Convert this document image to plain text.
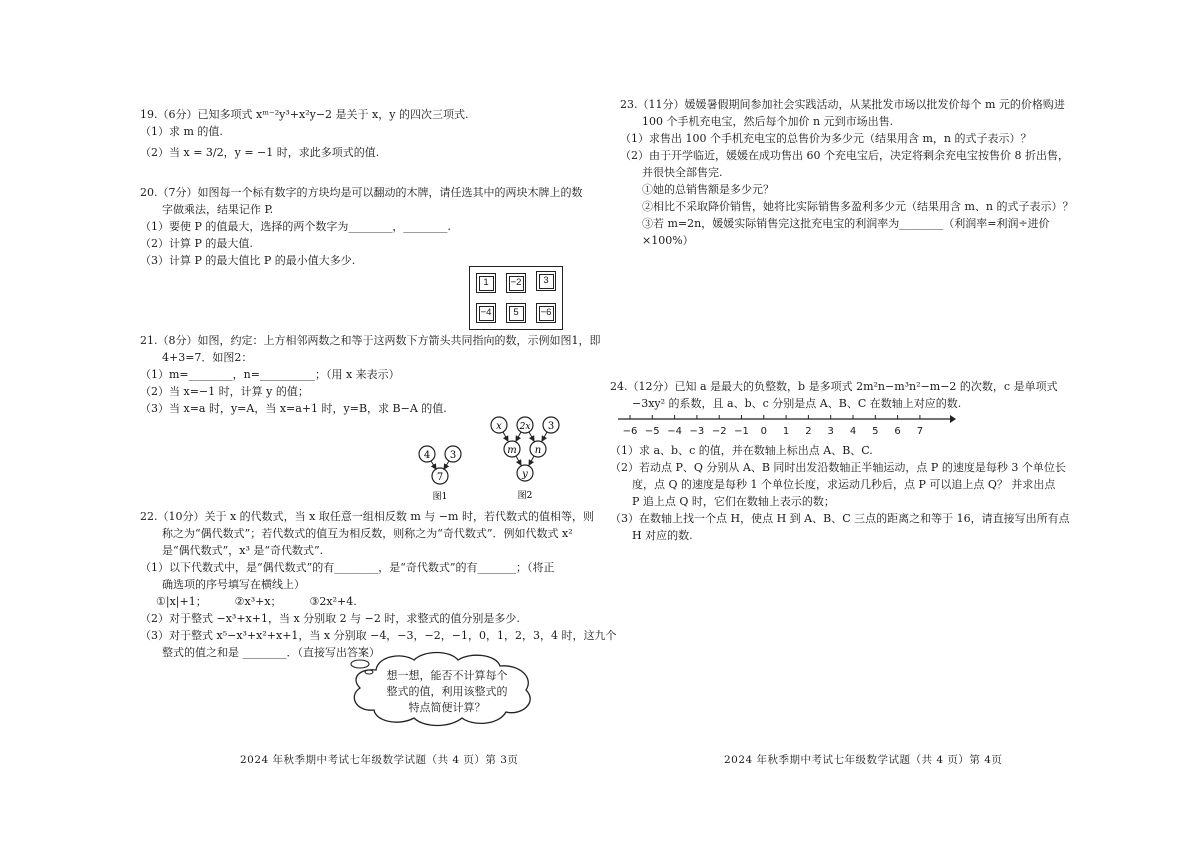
19.（6分）已知多项式 xᵐ⁻²y³+x²y−2 是关于 x，y 的四次三项式.

（1）求 m 的值.

（2）当 x = 3/2，y = −1 时，求此多项式的值.

20.（7分）如图每一个标有数字的方块均是可以翻动的木牌，请任选其中的两块木牌上的数

字做乘法，结果记作 P.

（1）要使 P 的值最大，选择的两个数字为________，________.

（2）计算 P 的最大值.

（3）计算 P 的最大值比 P 的最小值大多少.

1	−2	3
−4	5	−6

21.（8分）如图，约定：上方相邻两数之和等于这两数下方箭头共同指向的数，示例如图1，即

4+3=7．如图2：

（1）m=________，n=__________；（用 x 来表示）

（2）当 x=−1 时，计算 y 的值；

（3）当 x=a 时，y=A，当 x=a+1 时，y=B，求 B−A 的值.

4 3
7
图1
x 2x 3
m n
y
图2

22.（10分）关于 x 的代数式，当 x 取任意一组相反数 m 与 −m 时，若代数式的值相等，则

称之为“偶代数式”；若代数式的值互为相反数，则称之为“奇代数式”．例如代数式 x²

是“偶代数式”，x³ 是“奇代数式”.

（1）以下代数式中，是“偶代数式”的有________，是“奇代数式”的有_______；（将正

确选项的序号填写在横线上）

①|x|+1；        ②x³+x；        ③2x²+4.

（2）对于整式 −x³+x+1，当 x 分别取 2 与 −2 时，求整式的值分别是多少.

（3）对于整式 x⁵−x³+x²+x+1，当 x 分别取 −4，−3，−2，−1，0，1，2，3，4 时，这九个

整式的值之和是 ________．（直接写出答案）

想一想，能否不计算每个
整式的值，利用该整式的
特点简便计算？
2024 年秋季期中考试七年级数学试题（共 4 页）第 3页

23.（11分）媛媛暑假期间参加社会实践活动，从某批发市场以批发价每个 m 元的价格购进

100 个手机充电宝，然后每个加价 n 元到市场出售.

（1）求售出 100 个手机充电宝的总售价为多少元（结果用含 m，n 的式子表示）？

（2）由于开学临近，媛媛在成功售出 60 个充电宝后，决定将剩余充电宝按售价 8 折出售，

并很快全部售完.

①她的总销售额是多少元？

②相比不采取降价销售，她将比实际销售多盈利多少元（结果用含 m、n 的式子表示）？

③若 m=2n，媛媛实际销售完这批充电宝的利润率为________（利润率=利润÷进价

×100%）

24.（12分）已知 a 是最大的负整数，b 是多项式 2m²n−m³n²−m−2 的次数，c 是单项式

−3xy² 的系数，且 a、b、c 分别是点 A、B、C 在数轴上对应的数.

−6 −5 −4 −3 −2 −1 0 1 2 3 4 5 6 7

（1）求 a、b、c 的值，并在数轴上标出点 A、B、C.

（2）若动点 P、Q 分别从 A、B 同时出发沿数轴正半轴运动，点 P 的速度是每秒 3 个单位长

度，点 Q 的速度是每秒 1 个单位长度，求运动几秒后，点 P 可以追上点 Q？ 并求出点

P 追上点 Q 时，它们在数轴上表示的数；

（3）在数轴上找一个点 H，使点 H 到 A、B、C 三点的距离之和等于 16，请直接写出所有点

H 对应的数.

2024 年秋季期中考试七年级数学试题（共 4 页）第 4页
